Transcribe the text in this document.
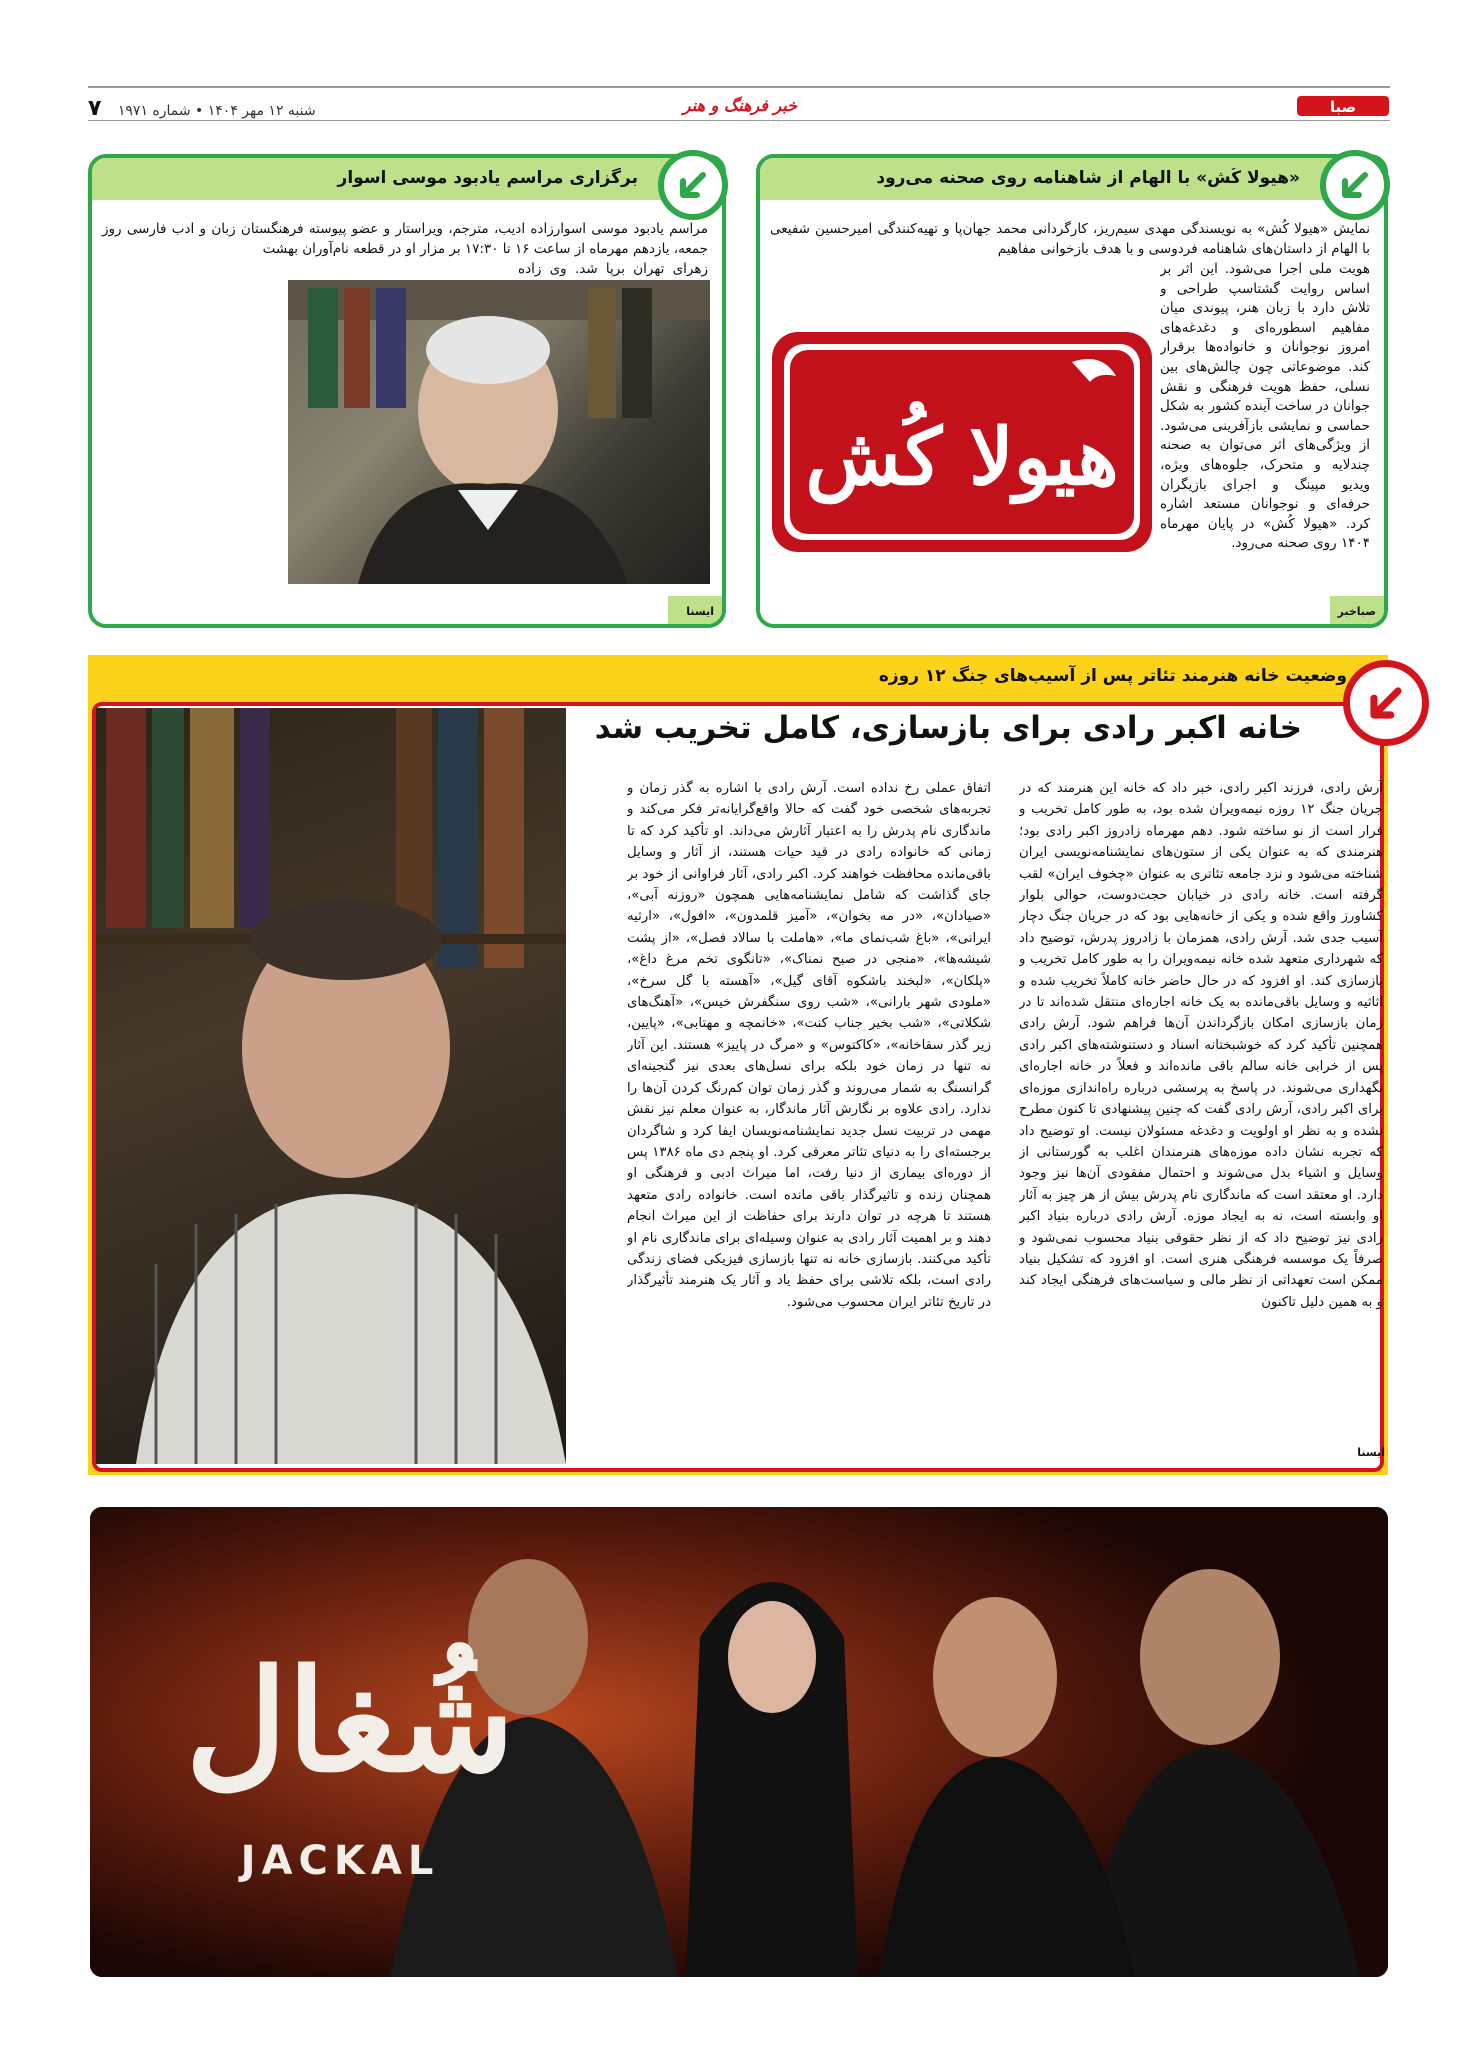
صبا
خبر فرهنگ و هنر
شنبه ۱۲ مهر ۱۴۰۴ • شماره ۱۹۷۱ ۷
«هیولا کُش» با الهام از شاهنامه روی صحنه می‌رود
نمایش «هیولا کُش» به نویسندگی مهدی سیم‌ریز، کارگردانی محمد جهان‌پا و تهیه‌کنندگی امیرحسین شفیعی با الهام از داستان‌های شاهنامه فردوسی و با هدف بازخوانی مفاهیم
هویت ملی اجرا می‌شود. این اثر بر اساس روایت گشتاسپ طراحی و تلاش دارد با زبان هنر، پیوندی میان مفاهیم اسطوره‌ای و دغدغه‌های امروز نوجوانان و خانواده‌ها برقرار کند. موضوعاتی چون چالش‌های بین نسلی، حفظ هویت فرهنگی و نقش جوانان در ساخت آینده کشور به شکل حماسی و نمایشی بازآفرینی می‌شود. از ویژگی‌های اثر می‌توان به صحنه چندلایه و متحرک، جلوه‌های ویژه، ویدیو مپینگ و اجرای بازیگران حرفه‌ای و نوجوانان مستعد اشاره کرد. «هیولا کُش» در پایان مهرماه ۱۴۰۴ روی صحنه می‌رود.
هیولا کُش
صباخبر
برگزاری مراسم یادبود موسی اسوار
مراسم یادبود موسی اسوارزاده ادیب، مترجم، ویراستار و عضو پیوسته فرهنگستان زبان و ادب فارسی روز جمعه، یازدهم مهرماه از ساعت ۱۶ تا ۱۷:۳۰ بر مزار او در قطعه نام‌آوران بهشت
زهرای تهران برپا شد. وی زاده
ایسنا
وضعیت خانه هنرمند تئاتر پس از آسیب‌های جنگ ۱۲ روزه
خانه اکبر رادی برای بازسازی، کامل تخریب شد
آرش رادی، فرزند اکبر رادی، خبر داد که خانه این هنرمند که در جریان جنگ ۱۲ روزه نیمه‌ویران شده بود، به طور کامل تخریب و قرار است از نو ساخته شود. دهم مهرماه زادروز اکبر رادی بود؛ هنرمندی که به عنوان یکی از ستون‌های نمایشنامه‌نویسی ایران شناخته می‌شود و نزد جامعه تئاتری به عنوان «چخوف ایران» لقب گرفته است. خانه رادی در خیابان حجت‌دوست، حوالی بلوار کشاورز واقع شده و یکی از خانه‌هایی بود که در جریان جنگ دچار آسیب جدی شد. آرش رادی، همزمان با زادروز پدرش، توضیح داد که شهرداری متعهد شده خانه نیمه‌ویران را به طور کامل تخریب و بازسازی کند. او افزود که در حال حاضر خانه کاملاً تخریب شده و اثاثیه و وسایل باقی‌مانده به یک خانه اجاره‌ای منتقل شده‌اند تا در زمان بازسازی امکان بازگرداندن آن‌ها فراهم شود. آرش رادی همچنین تأکید کرد که خوشبختانه اسناد و دستنوشته‌های اکبر رادی پس از خرابی خانه سالم باقی مانده‌اند و فعلاً در خانه اجاره‌ای نگهداری می‌شوند. در پاسخ به پرسشی درباره راه‌اندازی موزه‌ای برای اکبر رادی، آرش رادی گفت که چنین پیشنهادی تا کنون مطرح نشده و به نظر او اولویت و دغدغه مسئولان نیست. او توضیح داد که تجربه نشان داده موزه‌های هنرمندان اغلب به گورستانی از وسایل و اشیاء بدل می‌شوند و احتمال مفقودی آن‌ها نیز وجود دارد. او معتقد است که ماندگاری نام پدرش بیش از هر چیز به آثار او وابسته است، نه به ایجاد موزه. آرش رادی درباره بنیاد اکبر رادی نیز توضیح داد که از نظر حقوقی بنیاد محسوب نمی‌شود و صرفاً یک موسسه فرهنگی هنری است. او افزود که تشکیل بنیاد ممکن است تعهداتی از نظر مالی و سیاست‌های فرهنگی ایجاد کند و به همین دلیل تاکنون
اتفاق عملی رخ نداده است. آرش رادی با اشاره به گذر زمان و تجربه‌های شخصی خود گفت که حالا واقع‌گرایانه‌تر فکر می‌کند و ماندگاری نام پدرش را به اعتبار آثارش می‌داند. او تأکید کرد که تا زمانی که خانواده رادی در قید حیات هستند، از آثار و وسایل باقی‌مانده محافظت خواهند کرد. اکبر رادی، آثار فراوانی از خود بر جای گذاشت که شامل نمایشنامه‌هایی همچون «روزنه آبی»، «صیادان»، «در مه بخوان»، «آمیز قلمدون»، «افول»، «ارثیه ایرانی»، «باغ شب‌نمای ما»، «هاملت با سالاد فصل»، «از پشت شیشه‌ها»، «منجی در صبح نمناک»، «تانگوی تخم مرغ داغ»، «پلکان»، «لبخند باشکوه آقای گیل»، «آهسته با گل سرخ»، «ملودی شهر بارانی»، «شب روی سنگفرش خیس»، «آهنگ‌های شکلاتی»، «شب بخیر جناب کنت»، «خانمچه و مهتابی»، «پایین، زیر گذر سقاخانه»، «کاکتوس» و «مرگ در پاییز» هستند. این آثار نه تنها در زمان خود بلکه برای نسل‌های بعدی نیز گنجینه‌ای گرانسنگ به شمار می‌روند و گذر زمان توان کم‌رنگ کردن آن‌ها را ندارد. رادی علاوه بر نگارش آثار ماندگار، به عنوان معلم نیز نقش مهمی در تربیت نسل جدید نمایشنامه‌نویسان ایفا کرد و شاگردان برجسته‌ای را به دنیای تئاتر معرفی کرد. او پنجم دی ماه ۱۳۸۶ پس از دوره‌ای بیماری از دنیا رفت، اما میراث ادبی و فرهنگی او همچنان زنده و تاثیرگذار باقی مانده است. خانواده رادی متعهد هستند تا هرچه در توان دارند برای حفاظت از این میراث انجام دهند و بر اهمیت آثار رادی به عنوان وسیله‌ای برای ماندگاری نام او تأکید می‌کنند. بازسازی خانه نه تنها بازسازی فیزیکی فضای زندگی رادی است، بلکه تلاشی برای حفظ یاد و آثار یک هنرمند تأثیرگذار در تاریخ تئاتر ایران محسوب می‌شود.
ایسنا
شُغال
JACKAL
